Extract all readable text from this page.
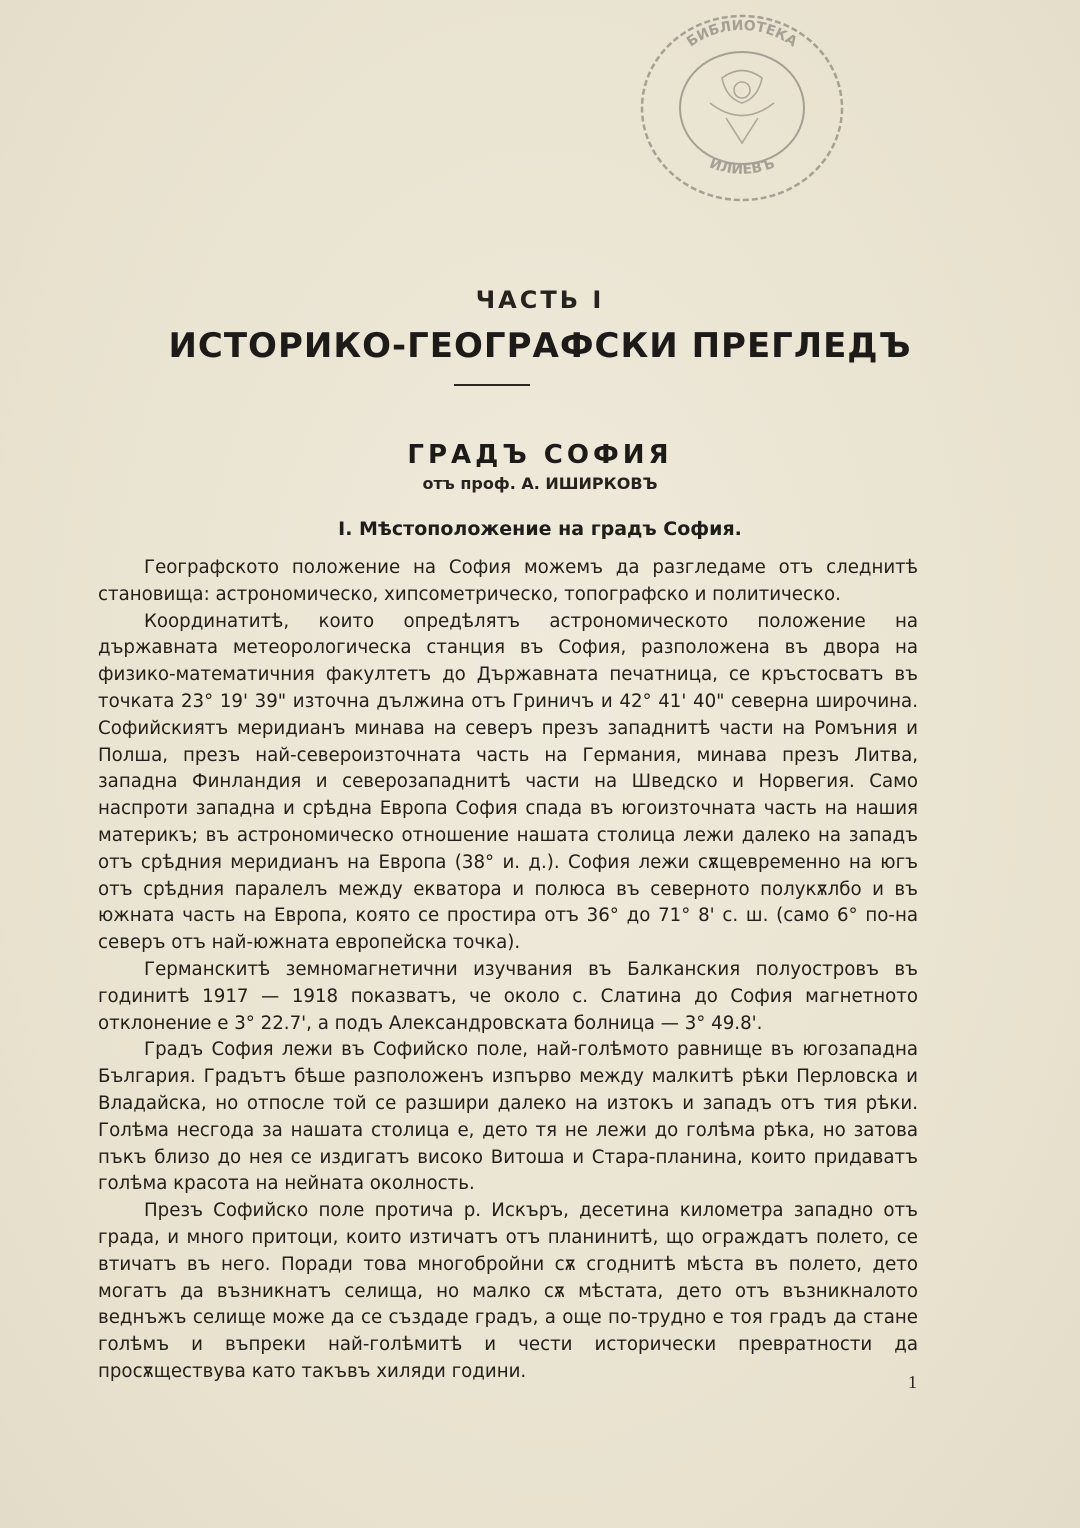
БИБЛИОТЕКА
ИЛИЕВЪ
ЧАСТЬ I
ИСТОРИКО-ГЕОГРАФСКИ ПРЕГЛЕДЪ
ГРАДЪ СОФИЯ
отъ проф. А. ИШИРКОВЪ
I. Мѣстоположение на градъ София.

Географското положение на София можемъ да разгледаме отъ следнитѣ становища: астрономическо, хипсометрическо, топографско и политическо.

Координатитѣ, които опредѣлятъ астрономическото положение на държавната метеорологическа станция въ София, разположена въ двора на физико-математичния факултетъ до Държавната печатница, се кръстосватъ въ точката 23° 19' 39" източна дължина отъ Гриничъ и 42° 41' 40" северна широчина. Софийскиятъ меридианъ минава на северъ презъ западнитѣ части на Ромъния и Полша, презъ най-североизточната часть на Германия, минава презъ Литва, западна Финландия и северозападнитѣ части на Шведско и Норвегия. Само наспроти западна и срѣдна Европа София спада въ югоизточната часть на нашия материкъ; въ астрономическо отношение нашата столица лежи далеко на западъ отъ срѣдния меридианъ на Европа (38° и. д.). София лежи сѫщевременно на югъ отъ срѣдния паралелъ между екватора и полюса въ северното полукѫлбо и въ южната часть на Европа, която се простира отъ 36° до 71° 8' с. ш. (само 6° по-на северъ отъ най-южната европейска точка).

Германскитѣ земномагнетични изучвания въ Балканския полуостровъ въ годинитѣ 1917 — 1918 показватъ, че около с. Слатина до София магнетното отклонение е 3° 22.7', а подъ Александровската болница — 3° 49.8'.

Градъ София лежи въ Софийско поле, най-голѣмото равнище въ югозападна България. Градътъ бѣше разположенъ изпърво между малкитѣ рѣки Перловска и Владайска, но отпосле той се разшири далеко на изтокъ и западъ отъ тия рѣки. Голѣма несгода за нашата столица е, дето тя не лежи до голѣма рѣка, но затова пъкъ близо до нея се издигатъ високо Витоша и Стара-планина, които придаватъ голѣма красота на нейната околность.

Презъ Софийско поле протича р. Искъръ, десетина километра западно отъ града, и много притоци, които изтичатъ отъ планинитѣ, що ограждатъ полето, се втичатъ въ него. Поради това многобройни сѫ сгоднитѣ мѣста въ полето, дето могатъ да възникнатъ селища, но малко сѫ мѣстата, дето отъ възникналото веднъжъ селище може да се създаде градъ, а още по-трудно е тоя градъ да стане голѣмъ и въпреки най-голѣмитѣ и чести исторически превратности да просѫществува като такъвъ хиляди години.

1
